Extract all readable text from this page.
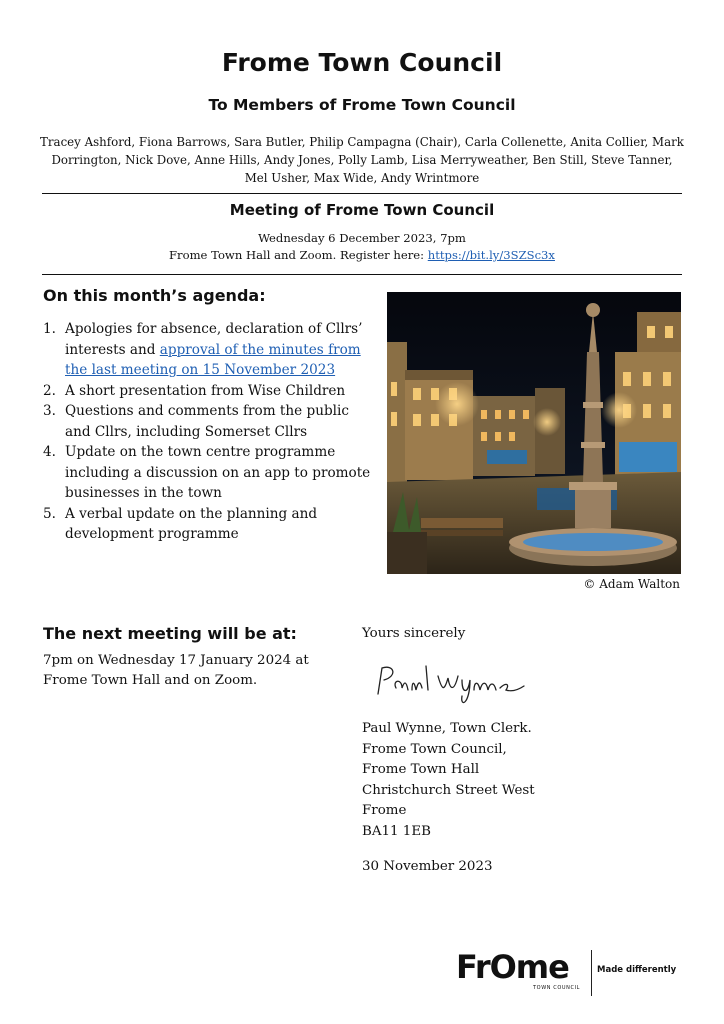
Frome Town Council
To Members of Frome Town Council
Tracey Ashford, Fiona Barrows, Sara Butler, Philip Campagna (Chair), Carla Collenette, Anita Collier, Mark Dorrington, Nick Dove, Anne Hills, Andy Jones, Polly Lamb, Lisa Merryweather, Ben Still, Steve Tanner, Mel Usher, Max Wide, Andy Wrintmore
Meeting of Frome Town Council
Wednesday 6 December 2023, 7pm
Frome Town Hall and Zoom. Register here: https://bit.ly/3SZSc3x
On this month’s agenda:
1. Apologies for absence, declaration of Cllrs’ interests and approval of the minutes from the last meeting on 15 November 2023
2. A short presentation from Wise Children
3. Questions and comments from the public and Cllrs, including Somerset Cllrs
4. Update on the town centre programme including a discussion on an app to promote businesses in the town
5. A verbal update on the planning and development programme
© Adam Walton
The next meeting will be at:
7pm on Wednesday 17 January 2024 at Frome Town Hall and on Zoom.
Yours sincerely
Paul Wynne, Town Clerk.
Frome Town Council,
Frome Town Hall
Christchurch Street West
Frome
BA11 1EB
30 November 2023
FrOme
TOWN COUNCIL
Made differently
